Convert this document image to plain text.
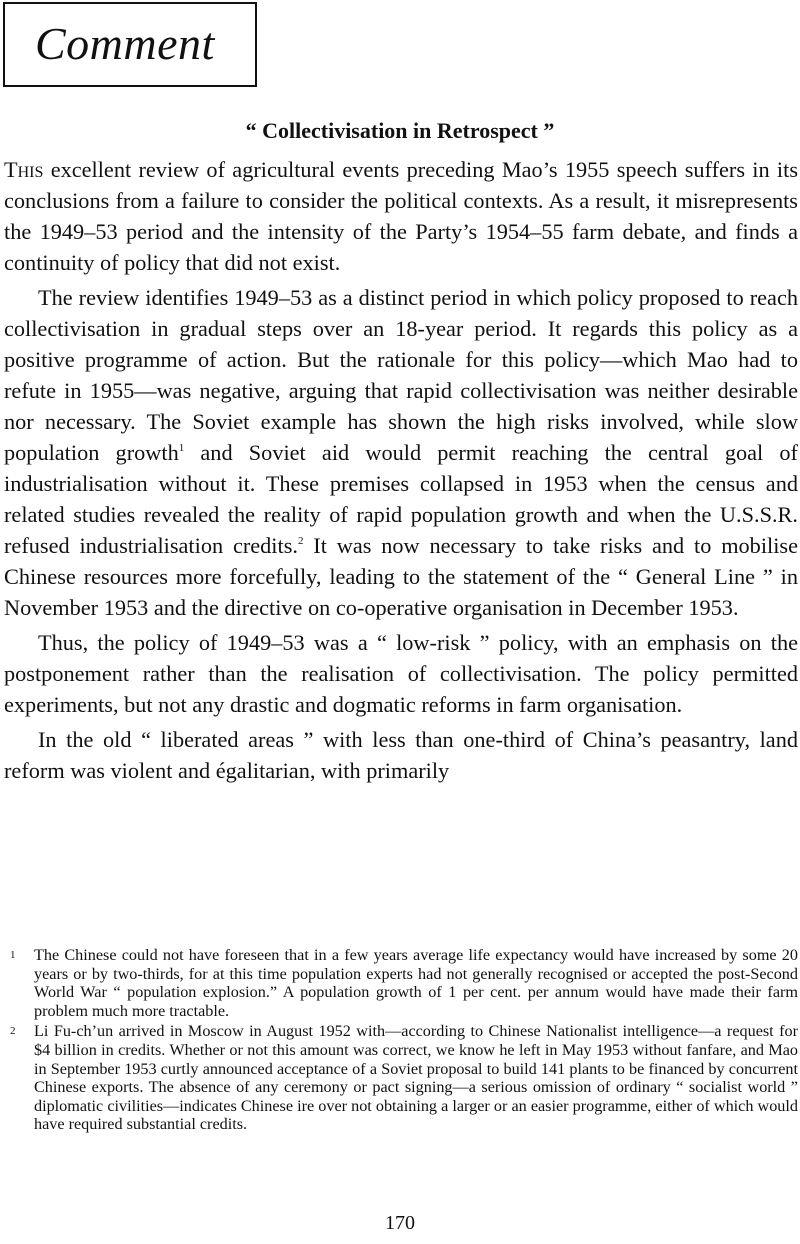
Comment
“ Collectivisation in Retrospect ”

This excellent review of agricultural events preceding Mao’s 1955 speech suffers in its conclusions from a failure to consider the political contexts. As a result, it misrepresents the 1949–53 period and the intensity of the Party’s 1954–55 farm debate, and finds a continuity of policy that did not exist.

The review identifies 1949–53 as a distinct period in which policy proposed to reach collectivisation in gradual steps over an 18-year period. It regards this policy as a positive programme of action. But the rationale for this policy—which Mao had to refute in 1955—was negative, arguing that rapid collectivisation was neither desirable nor necessary. The Soviet example has shown the high risks involved, while slow population growth$^1$ and Soviet aid would permit reaching the central goal of industrialisation without it. These premises collapsed in 1953 when the census and related studies revealed the reality of rapid population growth and when the U.S.S.R. refused industrialisation credits.$^2$ It was now necessary to take risks and to mobilise Chinese resources more forcefully, leading to the statement of the “ General Line ” in November 1953 and the directive on co-operative organisation in December 1953.

Thus, the policy of 1949–53 was a “ low-risk ” policy, with an emphasis on the postponement rather than the realisation of collectivisation. The policy permitted experiments, but not any drastic and dogmatic reforms in farm organisation.

In the old “ liberated areas ” with less than one-third of China’s peasantry, land reform was violent and égalitarian, with primarily

1 The Chinese could not have foreseen that in a few years average life expectancy would have increased by some 20 years or by two-thirds, for at this time population experts had not generally recognised or accepted the post-Second World War “ population explosion.” A population growth of 1 per cent. per annum would have made their farm problem much more tractable.
2 Li Fu-ch’un arrived in Moscow in August 1952 with—according to Chinese Nationalist intelligence—a request for $4 billion in credits. Whether or not this amount was correct, we know he left in May 1953 without fanfare, and Mao in September 1953 curtly announced acceptance of a Soviet proposal to build 141 plants to be financed by concurrent Chinese exports. The absence of any ceremony or pact signing—a serious omission of ordinary “ socialist world ” diplomatic civilities—indicates Chinese ire over not obtaining a larger or an easier programme, either of which would have required substantial credits.
170
